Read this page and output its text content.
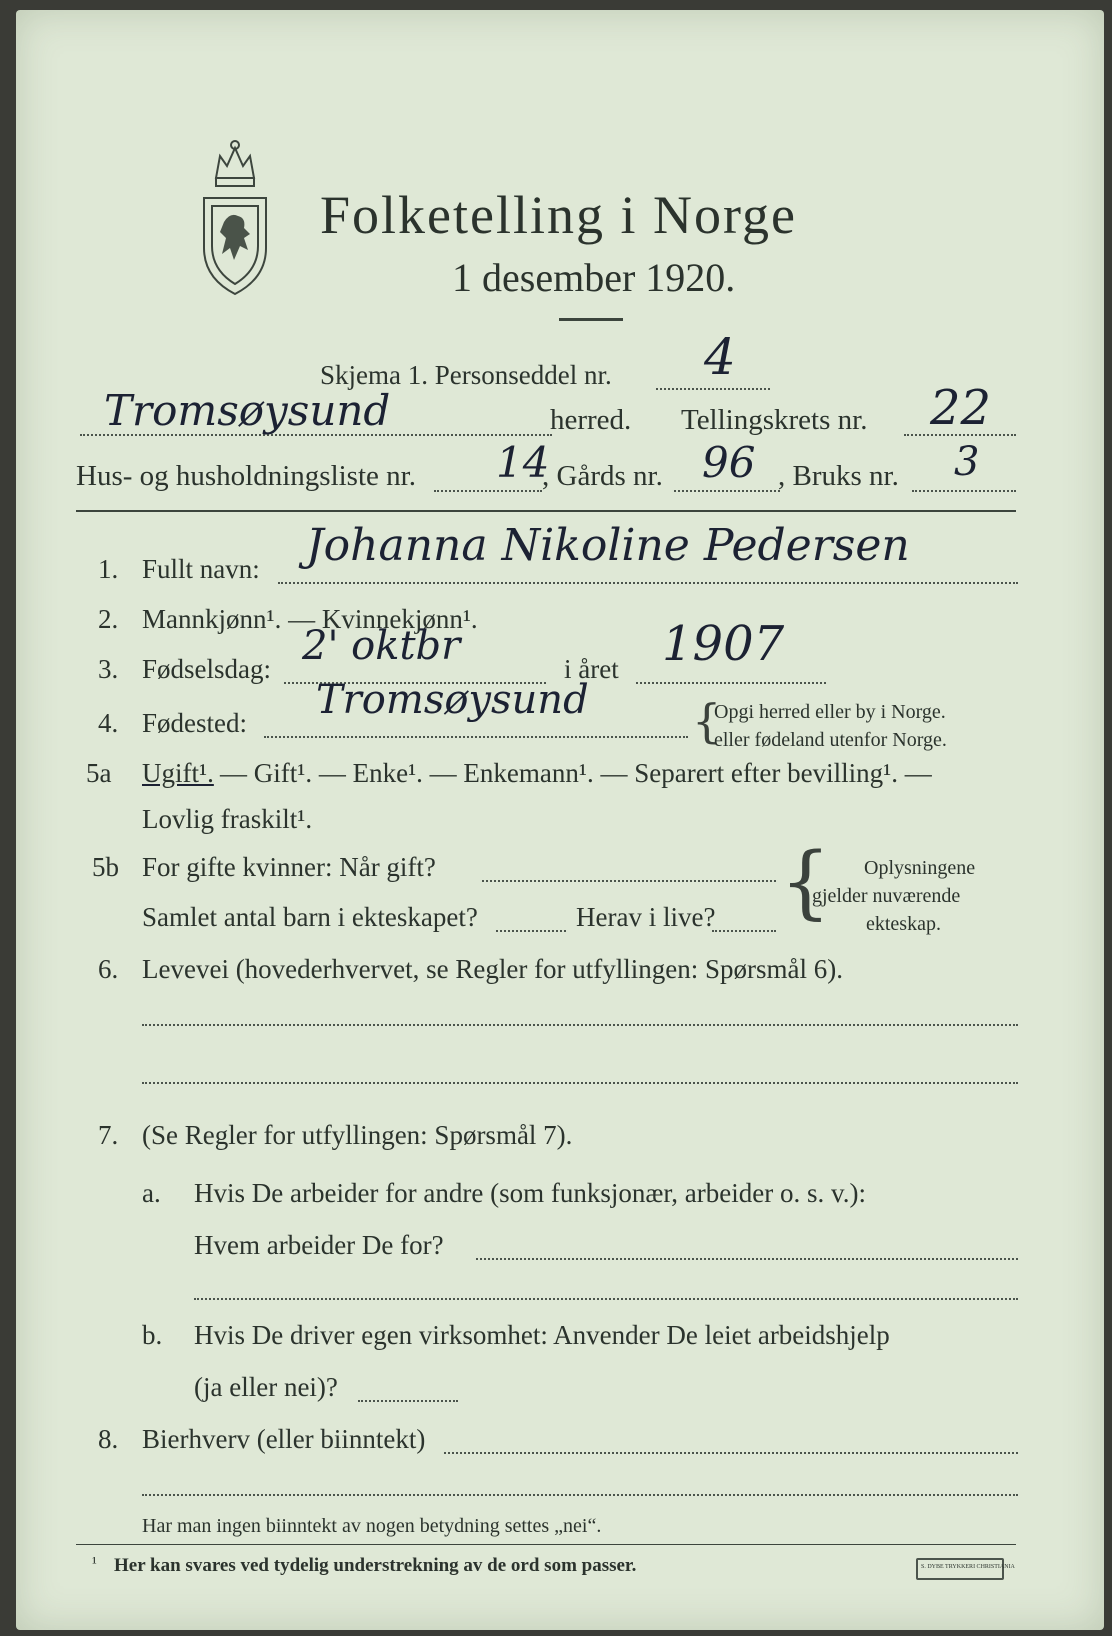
Folketelling i Norge
1 desember 1920.
Skjema 1. Personseddel nr. 4
Tromsøysund	herred. Tellingskrets nr. 22
Hus- og husholdningsliste nr. 14
, Gårds nr. 96 , Bruks nr. 3
1. Fullt navn: Johanna Nikoline Pedersen
2. Mannkjønn¹. — Kvinnekjønn¹.
3. Fødselsdag: 2' oktbr	i året 1907
4. Fødested: Tromsøysund {
Opgi herred eller by i Norge.
eller fødeland utenfor Norge.
5a Ugift¹. — Gift¹. — Enke¹. — Enkemann¹. — Separert efter bevilling¹. —
Lovlig fraskilt¹.
5b For gifte kvinner: Når gift?
Samlet antal barn i ekteskapet?	Herav i live? { Oplysningene
gjelder nuværende
ekteskap.
6. Levevei (hovederhvervet, se Regler for utfyllingen: Spørsmål 6).
7. (Se Regler for utfyllingen: Spørsmål 7).
a. Hvis De arbeider for andre (som funksjonær, arbeider o. s. v.):
Hvem arbeider De for?
b. Hvis De driver egen virksomhet: Anvender De leiet arbeidshjelp
(ja eller nei)?
8. Bierhverv (eller biinntekt)
Har man ingen biinntekt av nogen betydning settes „nei“.
¹ Her kan svares ved tydelig understrekning av de ord som passer.	S. DYBE TRYKKERI CHRISTIANIA
